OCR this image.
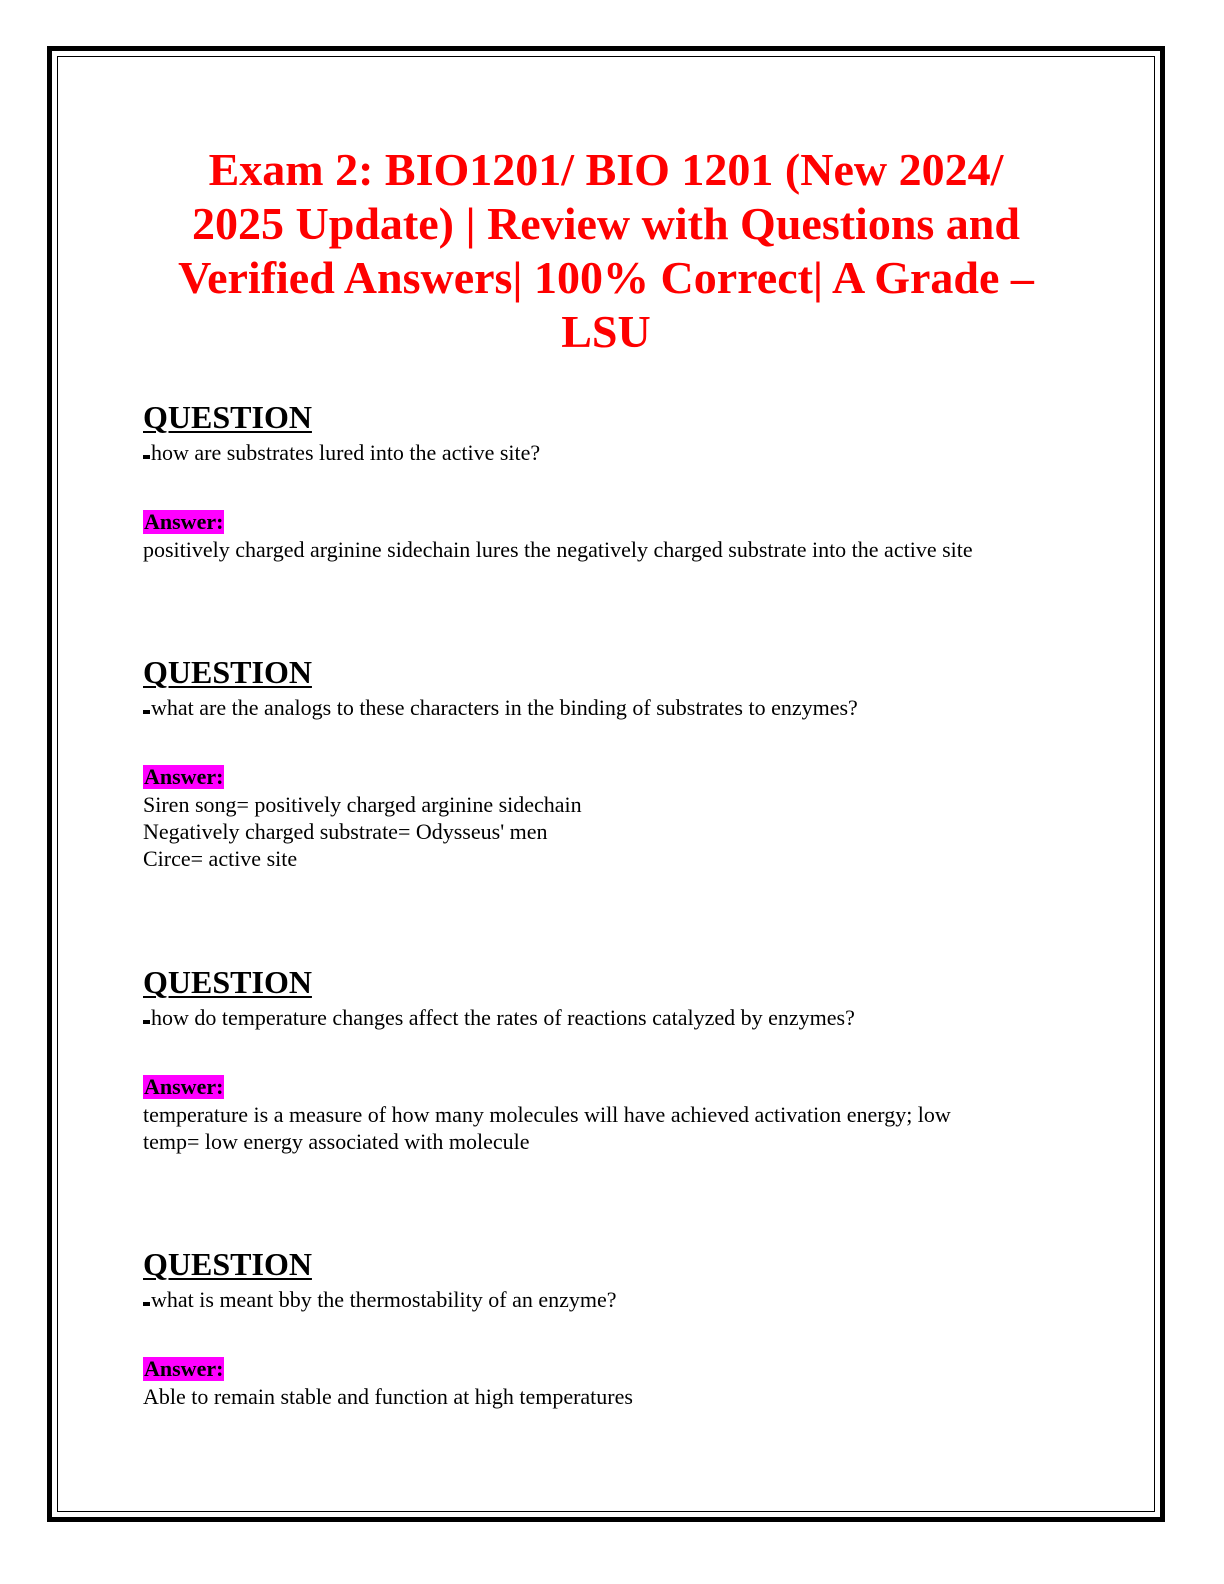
Exam 2: BIO1201/ BIO 1201 (New 2024/
2025 Update) | Review with Questions and
Verified Answers| 100% Correct| A Grade –
LSU
QUESTION
how are substrates lured into the active site?
Answer:
positively charged arginine sidechain lures the negatively charged substrate into the active site
QUESTION
what are the analogs to these characters in the binding of substrates to enzymes?
Answer:
Siren song= positively charged arginine sidechain
Negatively charged substrate= Odysseus' men
Circe= active site
QUESTION
how do temperature changes affect the rates of reactions catalyzed by enzymes?
Answer:
temperature is a measure of how many molecules will have achieved activation energy; low
temp= low energy associated with molecule
QUESTION
what is meant bby the thermostability of an enzyme?
Answer:
Able to remain stable and function at high temperatures
